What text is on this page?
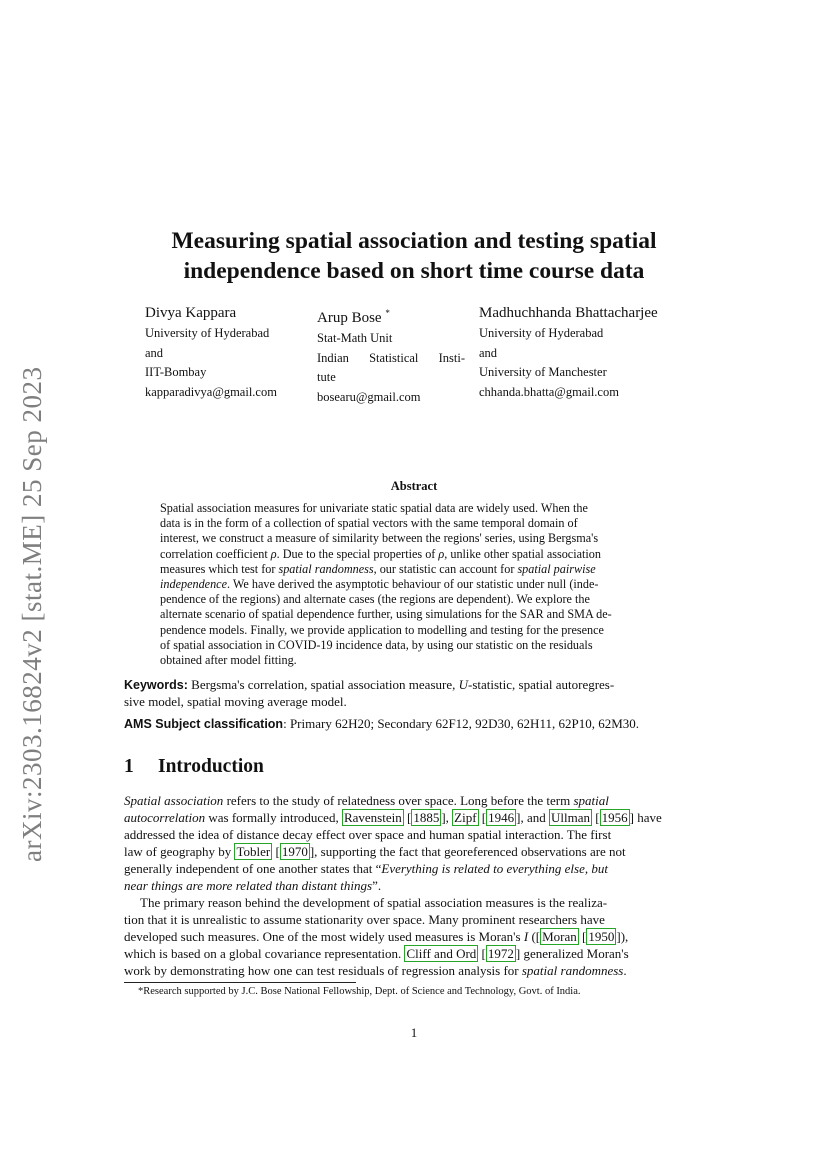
arXiv:2303.16824v2 [stat.ME] 25 Sep 2023
Measuring spatial association and testing spatial
independence based on short time course data
Divya Kappara
University of Hyderabad
and
IIT-Bombay
kapparadivya@gmail.com
Arup Bose *
Stat-Math Unit
Indian Statistical Insti-
tute
bosearu@gmail.com
Madhuchhanda Bhattacharjee
University of Hyderabad
and
University of Manchester
chhanda.bhatta@gmail.com
Abstract
Spatial association measures for univariate static spatial data are widely used. When the
data is in the form of a collection of spatial vectors with the same temporal domain of
interest, we construct a measure of similarity between the regions' series, using Bergsma's
correlation coefficient ρ. Due to the special properties of ρ, unlike other spatial association
measures which test for spatial randomness, our statistic can account for spatial pairwise
independence. We have derived the asymptotic behaviour of our statistic under null (inde-
pendence of the regions) and alternate cases (the regions are dependent). We explore the
alternate scenario of spatial dependence further, using simulations for the SAR and SMA de-
pendence models. Finally, we provide application to modelling and testing for the presence
of spatial association in COVID-19 incidence data, by using our statistic on the residuals
obtained after model fitting.
Keywords: Bergsma's correlation, spatial association measure, U-statistic, spatial autoregres-
sive model, spatial moving average model.
AMS Subject classification: Primary 62H20; Secondary 62F12, 92D30, 62H11, 62P10, 62M30.
1 Introduction
Spatial association refers to the study of relatedness over space. Long before the term spatial
autocorrelation was formally introduced, Ravenstein [ 1885 ], Zipf [ 1946 ], and Ullman [ 1956 ] have
addressed the idea of distance decay effect over space and human spatial interaction. The first
law of geography by Tobler [ 1970 ], supporting the fact that georeferenced observations are not
generally independent of one another states that “Everything is related to everything else, but
near things are more related than distant things”.
The primary reason behind the development of spatial association measures is the realiza-
tion that it is unrealistic to assume stationarity over space. Many prominent researchers have
developed such measures. One of the most widely used measures is Moran's I ([ Moran [ 1950 ]),
which is based on a global covariance representation. Cliff and Ord [ 1972 ] generalized Moran's
work by demonstrating how one can test residuals of regression analysis for spatial randomness.
*Research supported by J.C. Bose National Fellowship, Dept. of Science and Technology, Govt. of India.
1
